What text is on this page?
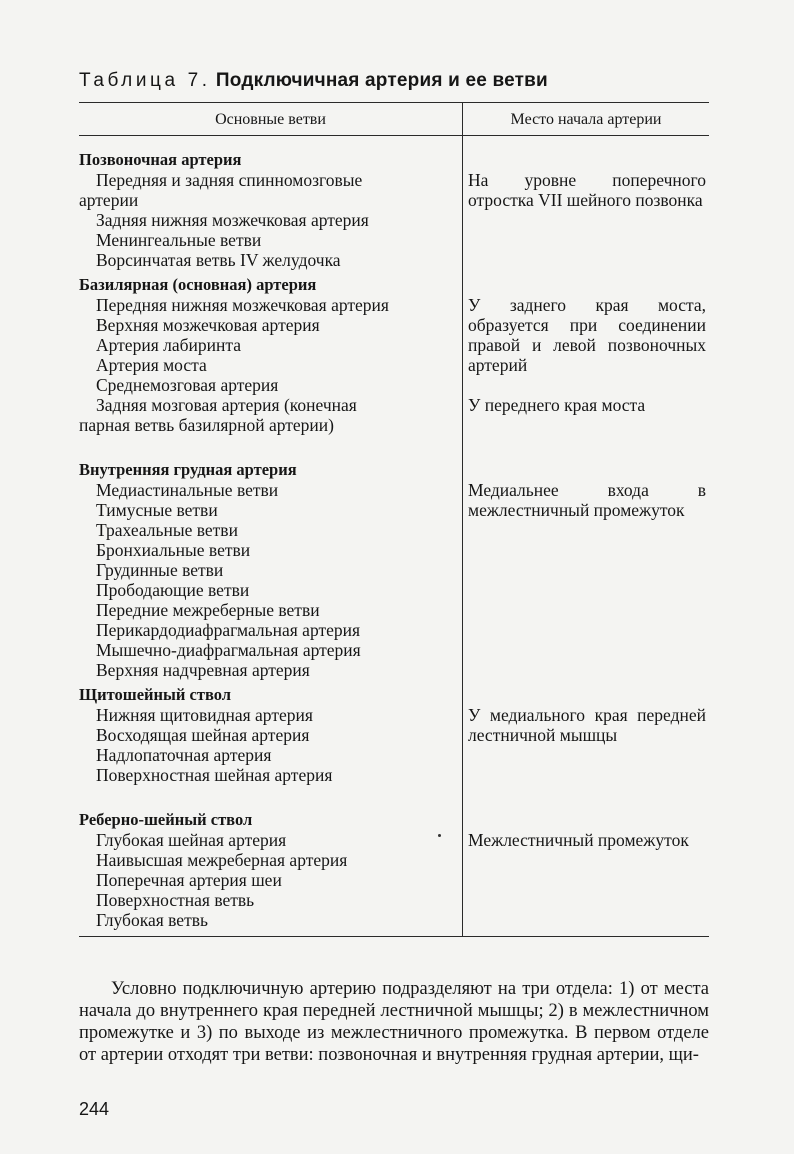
Таблица 7. Подключичная артерия и ее ветви
Основные ветви	Место начала артерии
Позвоночная артерия
Передняя и задняя спинномозговые
артерии
Задняя нижняя мозжечковая артерия
Менингеальные ветви
Ворсинчатая ветвь IV желудочка
Базилярная (основная) артерия
Передняя нижняя мозжечковая артерия
Верхняя мозжечковая артерия
Артерия лабиринта
Артерия моста
Среднемозговая артерия
Задняя мозговая артерия (конечная
парная ветвь базилярной артерии)
Внутренняя грудная артерия
Медиастинальные ветви
Тимусные ветви
Трахеальные ветви
Бронхиальные ветви
Грудинные ветви
Прободающие ветви
Передние межреберные ветви
Перикардодиафрагмальная артерия
Мышечно-диафрагмальная артерия
Верхняя надчревная артерия
Щитошейный ствол
Нижняя щитовидная артерия
Восходящая шейная артерия
Надлопаточная артерия
Поверхностная шейная артерия
Реберно-шейный ствол
Глубокая шейная артерия
Наивысшая межреберная артерия
Поперечная артерия шеи
Поверхностная ветвь
Глубокая ветвь
На уровне поперечного отростка VII шейного позвонка
У заднего края моста, образуется при соединении правой и левой позвоночных артерий
У переднего края моста
Медиальнее входа в межлестничный промежуток
У медиального края передней лестничной мышцы
Межлестничный промежуток
Условно подключичную артерию подразделяют на три отдела: 1) от места начала до внутреннего края передней лестничной мышцы; 2) в межлестничном промежутке и 3) по выходе из межлестничного промежутка. В первом отделе от артерии отходят три ветви: позвоночная и внутренняя грудная артерии, щи-
244
